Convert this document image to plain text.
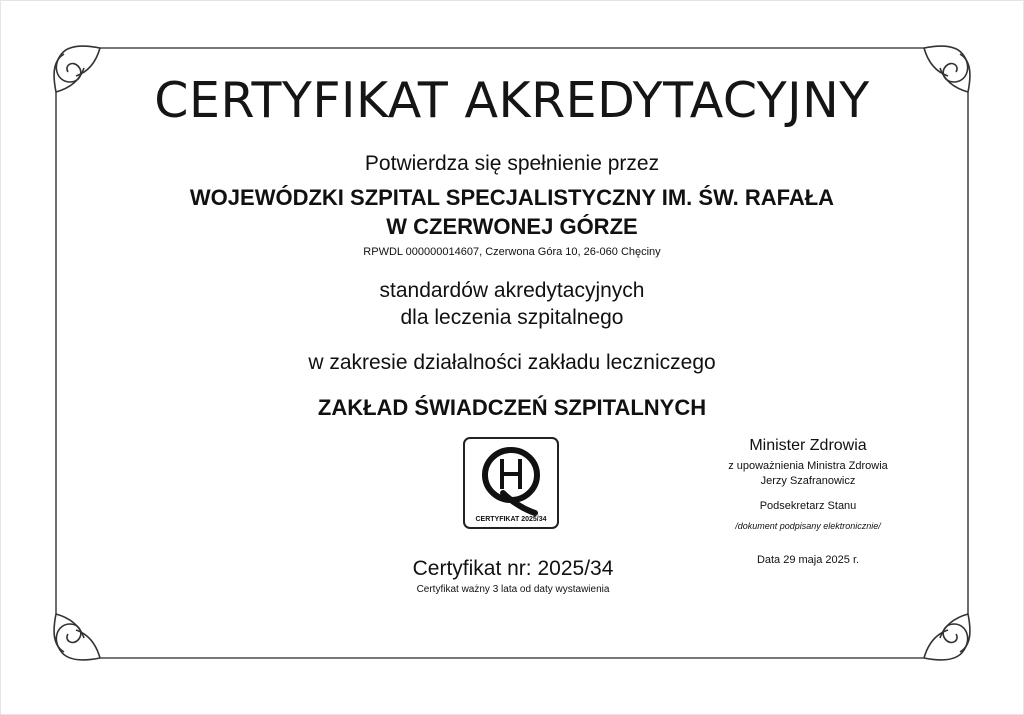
CERTYFIKAT AKREDYTACYJNY
Potwierdza się spełnienie przez
WOJEWÓDZKI SZPITAL SPECJALISTYCZNY IM. ŚW. RAFAŁA
W CZERWONEJ GÓRZE
RPWDL 000000014607, Czerwona Góra 10, 26-060 Chęciny
standardów akredytacyjnych
dla leczenia szpitalnego
w zakresie działalności zakładu leczniczego
ZAKŁAD ŚWIADCZEŃ SZPITALNYCH
CERTYFIKAT 2025/34
Certyfikat nr: 2025/34
Certyfikat ważny 3 lata od daty wystawienia
Minister Zdrowia
z upoważnienia Ministra Zdrowia
Jerzy Szafranowicz
Podsekretarz Stanu
/dokument podpisany elektronicznie/
Data 29 maja 2025 r.
